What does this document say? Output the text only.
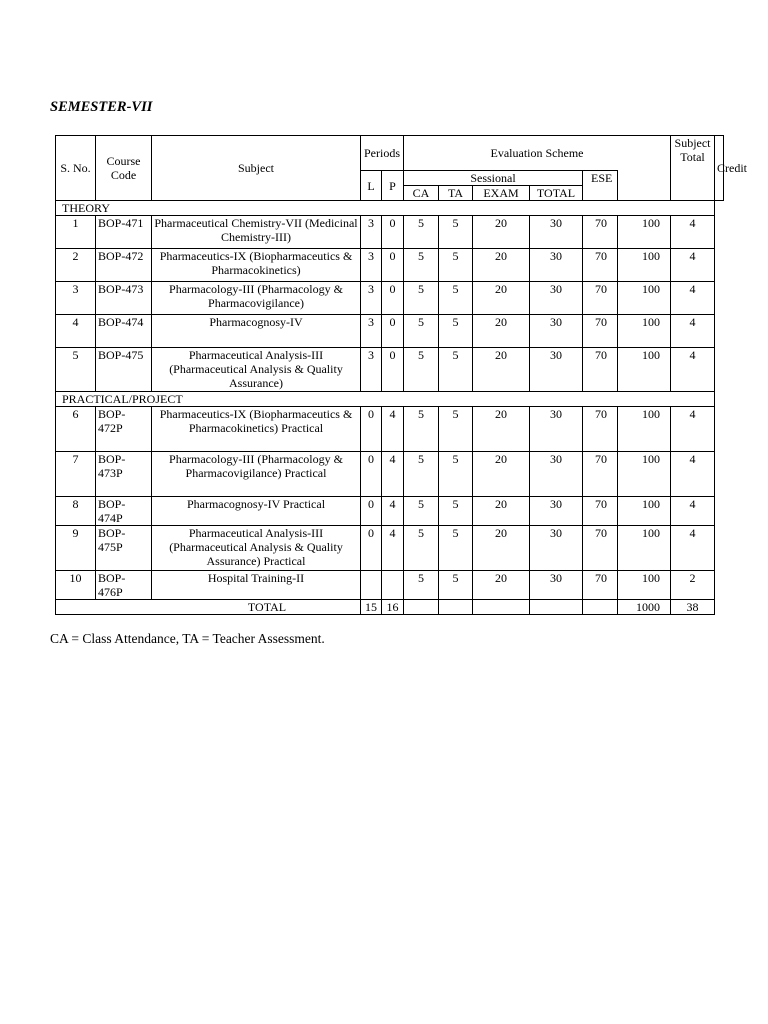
SEMESTER-VII
S. No.	Course Code	Subject	Periods		Evaluation Scheme						Subject Total	Credit
			L	P	Sessional				ESE			
					CA	TA	EXAM	TOTAL				
THEORY												
1	BOP-471	Pharmaceutical Chemistry-VII (Medicinal Chemistry-III)	3	0	5	5	20	30	70	100	4	
2	BOP-472	Pharmaceutics-IX (Biopharmaceutics & Pharmacokinetics)	3	0	5	5	20	30	70	100	4	
3	BOP-473	Pharmacology-III (Pharmacology & Pharmacovigilance)	3	0	5	5	20	30	70	100	4	
4	BOP-474	Pharmacognosy-IV	3	0	5	5	20	30	70	100	4	
5	BOP-475	Pharmaceutical Analysis-III (Pharmaceutical Analysis & Quality Assurance)	3	0	5	5	20	30	70	100	4	
PRACTICAL/PROJECT												
6	BOP-472P	Pharmaceutics-IX (Biopharmaceutics & Pharmacokinetics) Practical	0	4	5	5	20	30	70	100	4	
7	BOP-473P	Pharmacology-III (Pharmacology & Pharmacovigilance) Practical	0	4	5	5	20	30	70	100	4	
8	BOP-474P	Pharmacognosy-IV Practical	0	4	5	5	20	30	70	100	4	
9	BOP-475P	Pharmaceutical Analysis-III (Pharmaceutical Analysis & Quality Assurance) Practical	0	4	5	5	20	30	70	100	4	
10	BOP-476P	Hospital Training-II			5	5	20	30	70	100	2	
TOTAL			15	16						1000	38	
CA = Class Attendance, TA = Teacher Assessment.
